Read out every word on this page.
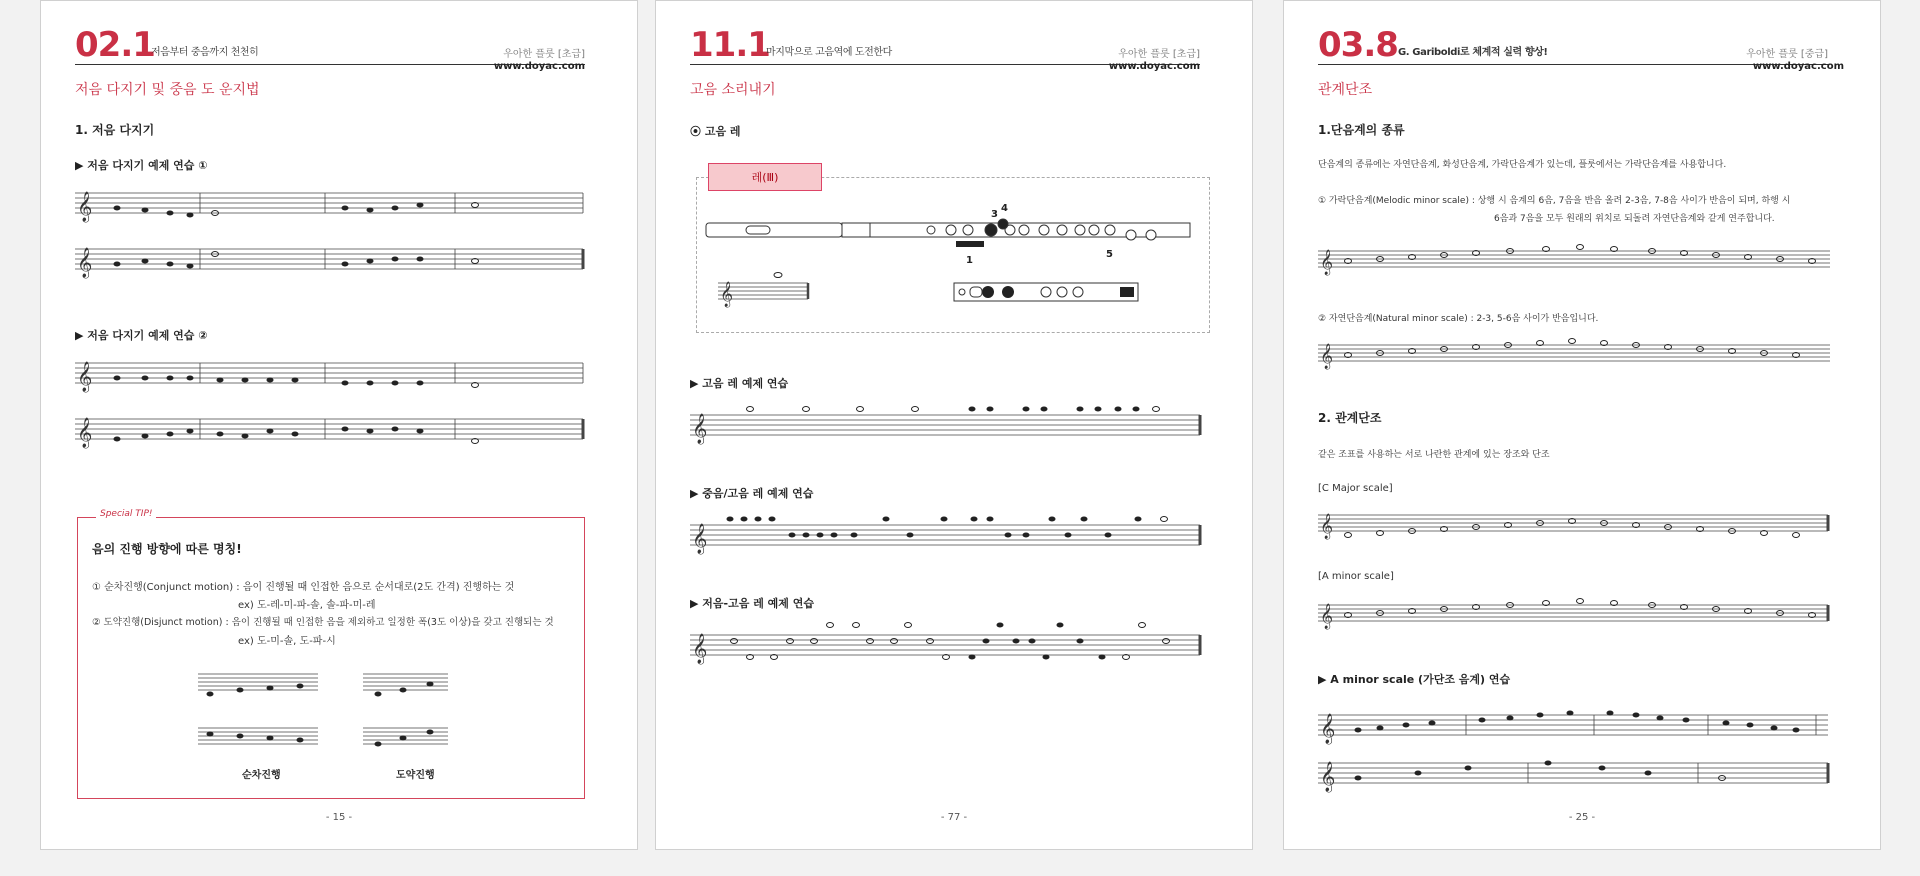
02.1
저음부터 중음까지 천천히	우아한 플룻 [초급]
www.doyac.com
저음 다지기 및 중음 도 운지법
1. 저음 다지기
▶ 저음 다지기 예제 연습 ①
𝄞
𝄞
▶ 저음 다지기 예제 연습 ②
𝄞
𝄞
Special TIP!
음의 진행 방향에 따른 명칭!
① 순차진행(Conjunct motion) : 음이 진행될 때 인접한 음으로 순서대로(2도 간격) 진행하는 것
ex) 도-레-미-파-솔, 솔-파-미-레
② 도약진행(Disjunct motion) : 음이 진행될 때 인접한 음을 제외하고 일정한 폭(3도 이상)을 갖고 진행되는 것
ex) 도-미-솔, 도-파-시
순차진행	도약진행
- 15 -
11.1
마지막으로 고음역에 도전한다	우아한 플룻 [초급]
www.doyac.com
고음 소리내기
⦿ 고음 레
레(Ⅲ)
3
4
1
5
𝄞
▶ 고음 레 예제 연습
𝄞
▶ 중음/고음 레 예제 연습
𝄞
▶ 저음-고음 레 예제 연습
𝄞
- 77 -
03.8 G. Gariboldi로 체계적 실력 향상!	우아한 플룻 [중급]
www.doyac.com
관계단조
1.단음계의 종류
단음계의 종류에는 자연단음계, 화성단음계, 가락단음계가 있는데, 플룻에서는 가락단음계를 사용합니다.
① 가락단음계(Melodic minor scale) : 상행 시 음계의 6음, 7음을 반음 올려 2-3음, 7-8음 사이가 반음이 되며, 하행 시
6음과 7음을 모두 원래의 위치로 되돌려 자연단음계와 같게 연주합니다.
𝄞
② 자연단음계(Natural minor scale) : 2-3, 5-6음 사이가 반음입니다.
𝄞
2. 관계단조
같은 조표를 사용하는 서로 나란한 관계에 있는 장조와 단조
[C Major scale]
𝄞
[A minor scale]
𝄞
▶ A minor scale (가단조 음계) 연습
𝄞
𝄞
- 25 -
